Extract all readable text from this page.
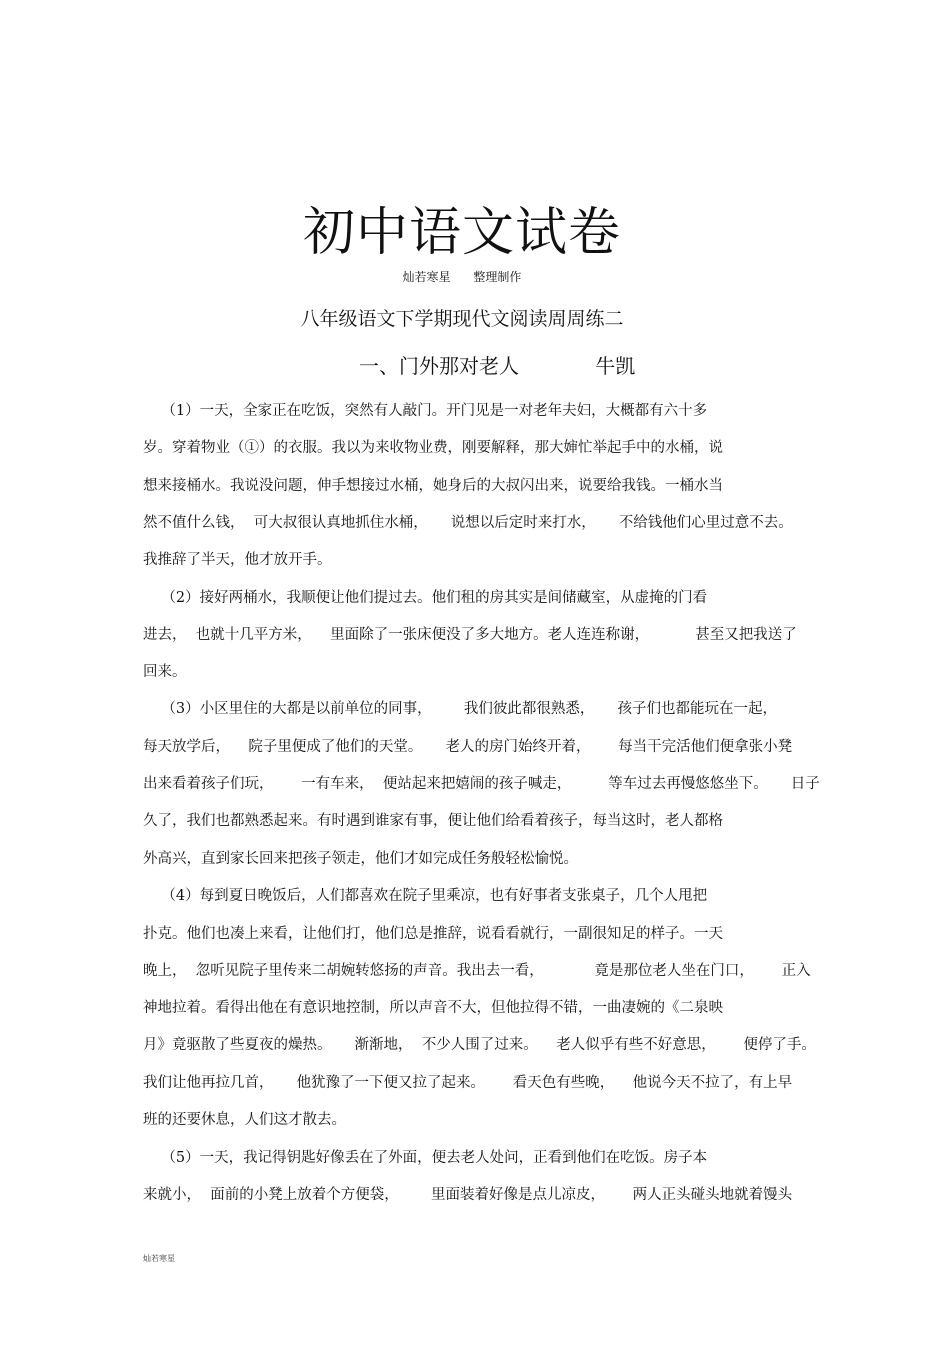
初中语文试卷
灿若寒星      整理制作
八年级语文下学期现代文阅读周周练二
一、门外那对老人            牛凯
（1）一天，全家正在吃饭，突然有人敲门。开门见是一对老年夫妇，大概都有六十多
岁。穿着物业（①）的衣服。我以为来收物业费，刚要解释，那大婶忙举起手中的水桶，说
想来接桶水。我说没问题，伸手想接过水桶，她身后的大叔闪出来，说要给我钱。一桶水当
然不值什么钱，  可大叔很认真地抓住水桶，     说想以后定时来打水，     不给钱他们心里过意不去。
我推辞了半天，他才放开手。
（2）接好两桶水，我顺便让他们提过去。他们租的房其实是间储藏室，从虚掩的门看
进去，  也就十几平方米，    里面除了一张床便没了多大地方。老人连连称谢，          甚至又把我送了
回来。
（3）小区里住的大都是以前单位的同事，       我们彼此都很熟悉，     孩子们也都能玩在一起，
每天放学后，    院子里便成了他们的天堂。     老人的房门始终开着，      每当干完活他们便拿张小凳
出来看着孩子们玩，      一有车来，  便站起来把嬉闹的孩子喊走，        等车过去再慢悠悠坐下。     日子
久了，我们也都熟悉起来。有时遇到谁家有事，便让他们给看着孩子，每当这时，老人都格
外高兴，直到家长回来把孩子领走，他们才如完成任务般轻松愉悦。
（4）每到夏日晚饭后，人们都喜欢在院子里乘凉，也有好事者支张桌子，几个人甩把
扑克。他们也凑上来看，让他们打，他们总是推辞，说看看就行，一副很知足的样子。一天
晚上，  忽听见院子里传来二胡婉转悠扬的声音。我出去一看，           竟是那位老人坐在门口，      正入
神地拉着。看得出他在有意识地控制，所以声音不大，但他拉得不错，一曲凄婉的《二泉映
月》竟驱散了些夏夜的燥热。     渐渐地，  不少人围了过来。    老人似乎有些不好意思，      便停了手。
我们让他再拉几首，     他犹豫了一下便又拉了起来。      看天色有些晚，    他说今天不拉了，有上早
班的还要休息，人们这才散去。
（5）一天，我记得钥匙好像丢在了外面，便去老人处问，正看到他们在吃饭。房子本
来就小，  面前的小凳上放着个方便袋，       里面装着好像是点儿凉皮，      两人正头碰头地就着馒头
灿若寒星
